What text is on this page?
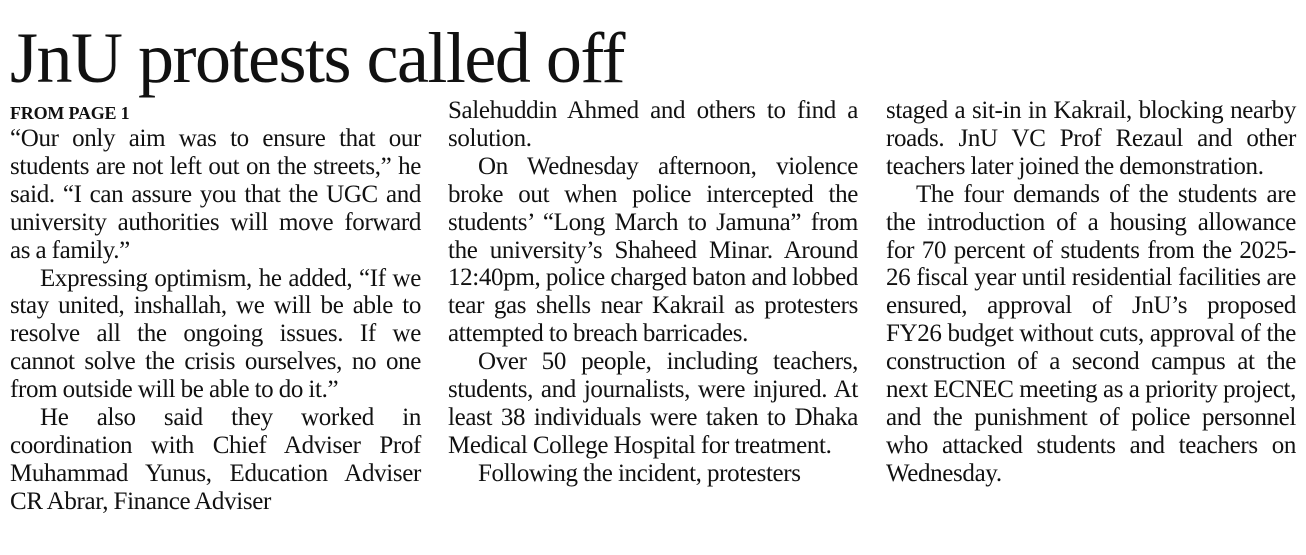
JnU protests called off
FROM PAGE 1

“Our only aim was to ensure that our students are not left out on the streets,” he said. “I can assure you that the UGC and university authorities will move forward as a family.”

Expressing optimism, he added, “If we stay united, inshallah, we will be able to resolve all the ongoing issues. If we cannot solve the crisis ourselves, no one from outside will be able to do it.”

He also said they worked in coordination with Chief Adviser Prof Muhammad Yunus, Education Adviser CR Abrar, Finance Adviser

Salehuddin Ahmed and others to find a solution.

On Wednesday afternoon, violence broke out when police intercepted the students’ “Long March to Jamuna” from the university’s Shaheed Minar. Around 12:40pm, police charged baton and lobbed tear gas shells near Kakrail as protesters attempted to breach barricades.

Over 50 people, including teachers, students, and journalists, were injured. At least 38 individuals were taken to Dhaka Medical College Hospital for treatment.

Following the incident, protesters

staged a sit-in in Kakrail, blocking nearby roads. JnU VC Prof Rezaul and other teachers later joined the demonstration.

The four demands of the students are the introduction of a housing allowance for 70 percent of students from the 2025-26 fiscal year until residential facilities are ensured, approval of JnU’s proposed FY26 budget without cuts, approval of the construction of a second campus at the next ECNEC meeting as a priority project, and the punishment of police personnel who attacked students and teachers on Wednesday.
